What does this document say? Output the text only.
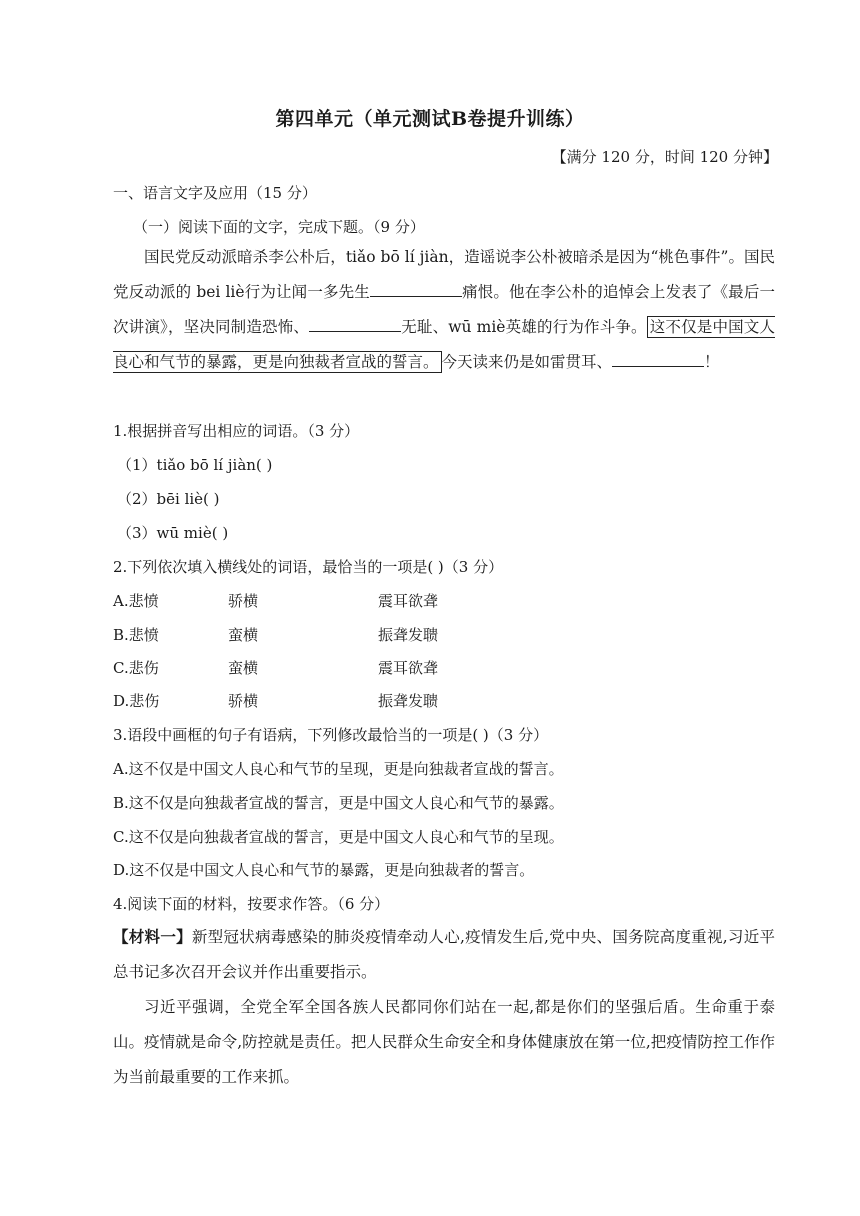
第四单元（单元测试B卷提升训练）
【满分 120 分，时间 120 分钟】
一、语言文字及应用（15 分）
（一）阅读下面的文字，完成下题。（9 分）

国民党反动派暗杀李公朴后，tiǎo bō lí jiàn，造谣说李公朴被暗杀是因为“桃色事件”。国民党反动派的 bei liè行为让闻一多先生	痛恨。他在李公朴的追悼会上发表了《最后一次讲演》，坚决同制造恐怖、	无耻、wū miè英雄的行为作斗争。 这不仅是中国文人良心和气节的暴露，更是向独裁者宣战的誓言。 今天读来仍是如雷贯耳、	！

1.根据拼音写出相应的词语。（3 分）
（1）tiǎo bō lí jiàn( )
（2）bēi liè( )
（3）wū miè( )
2.下列依次填入横线处的词语，最恰当的一项是( )（3 分）
A.悲愤	骄横	震耳欲聋
B.悲愤	蛮横	振聋发聩
C.悲伤	蛮横	震耳欲聋
D.悲伤	骄横	振聋发聩
3.语段中画框的句子有语病，下列修改最恰当的一项是( )（3 分）
A.这不仅是中国文人良心和气节的呈现，更是向独裁者宣战的誓言。
B.这不仅是向独裁者宣战的誓言，更是中国文人良心和气节的暴露。
C.这不仅是向独裁者宣战的誓言，更是中国文人良心和气节的呈现。
D.这不仅是中国文人良心和气节的暴露，更是向独裁者的誓言。
4.阅读下面的材料，按要求作答。（6 分）

【材料一】新型冠状病毒感染的肺炎疫情牵动人心,疫情发生后,党中央、国务院高度重视,习近平总书记多次召开会议并作出重要指示。

习近平强调，全党全军全国各族人民都同你们站在一起,都是你们的坚强后盾。生命重于泰山。疫情就是命令,防控就是责任。把人民群众生命安全和身体健康放在第一位,把疫情防控工作作为当前最重要的工作来抓。
